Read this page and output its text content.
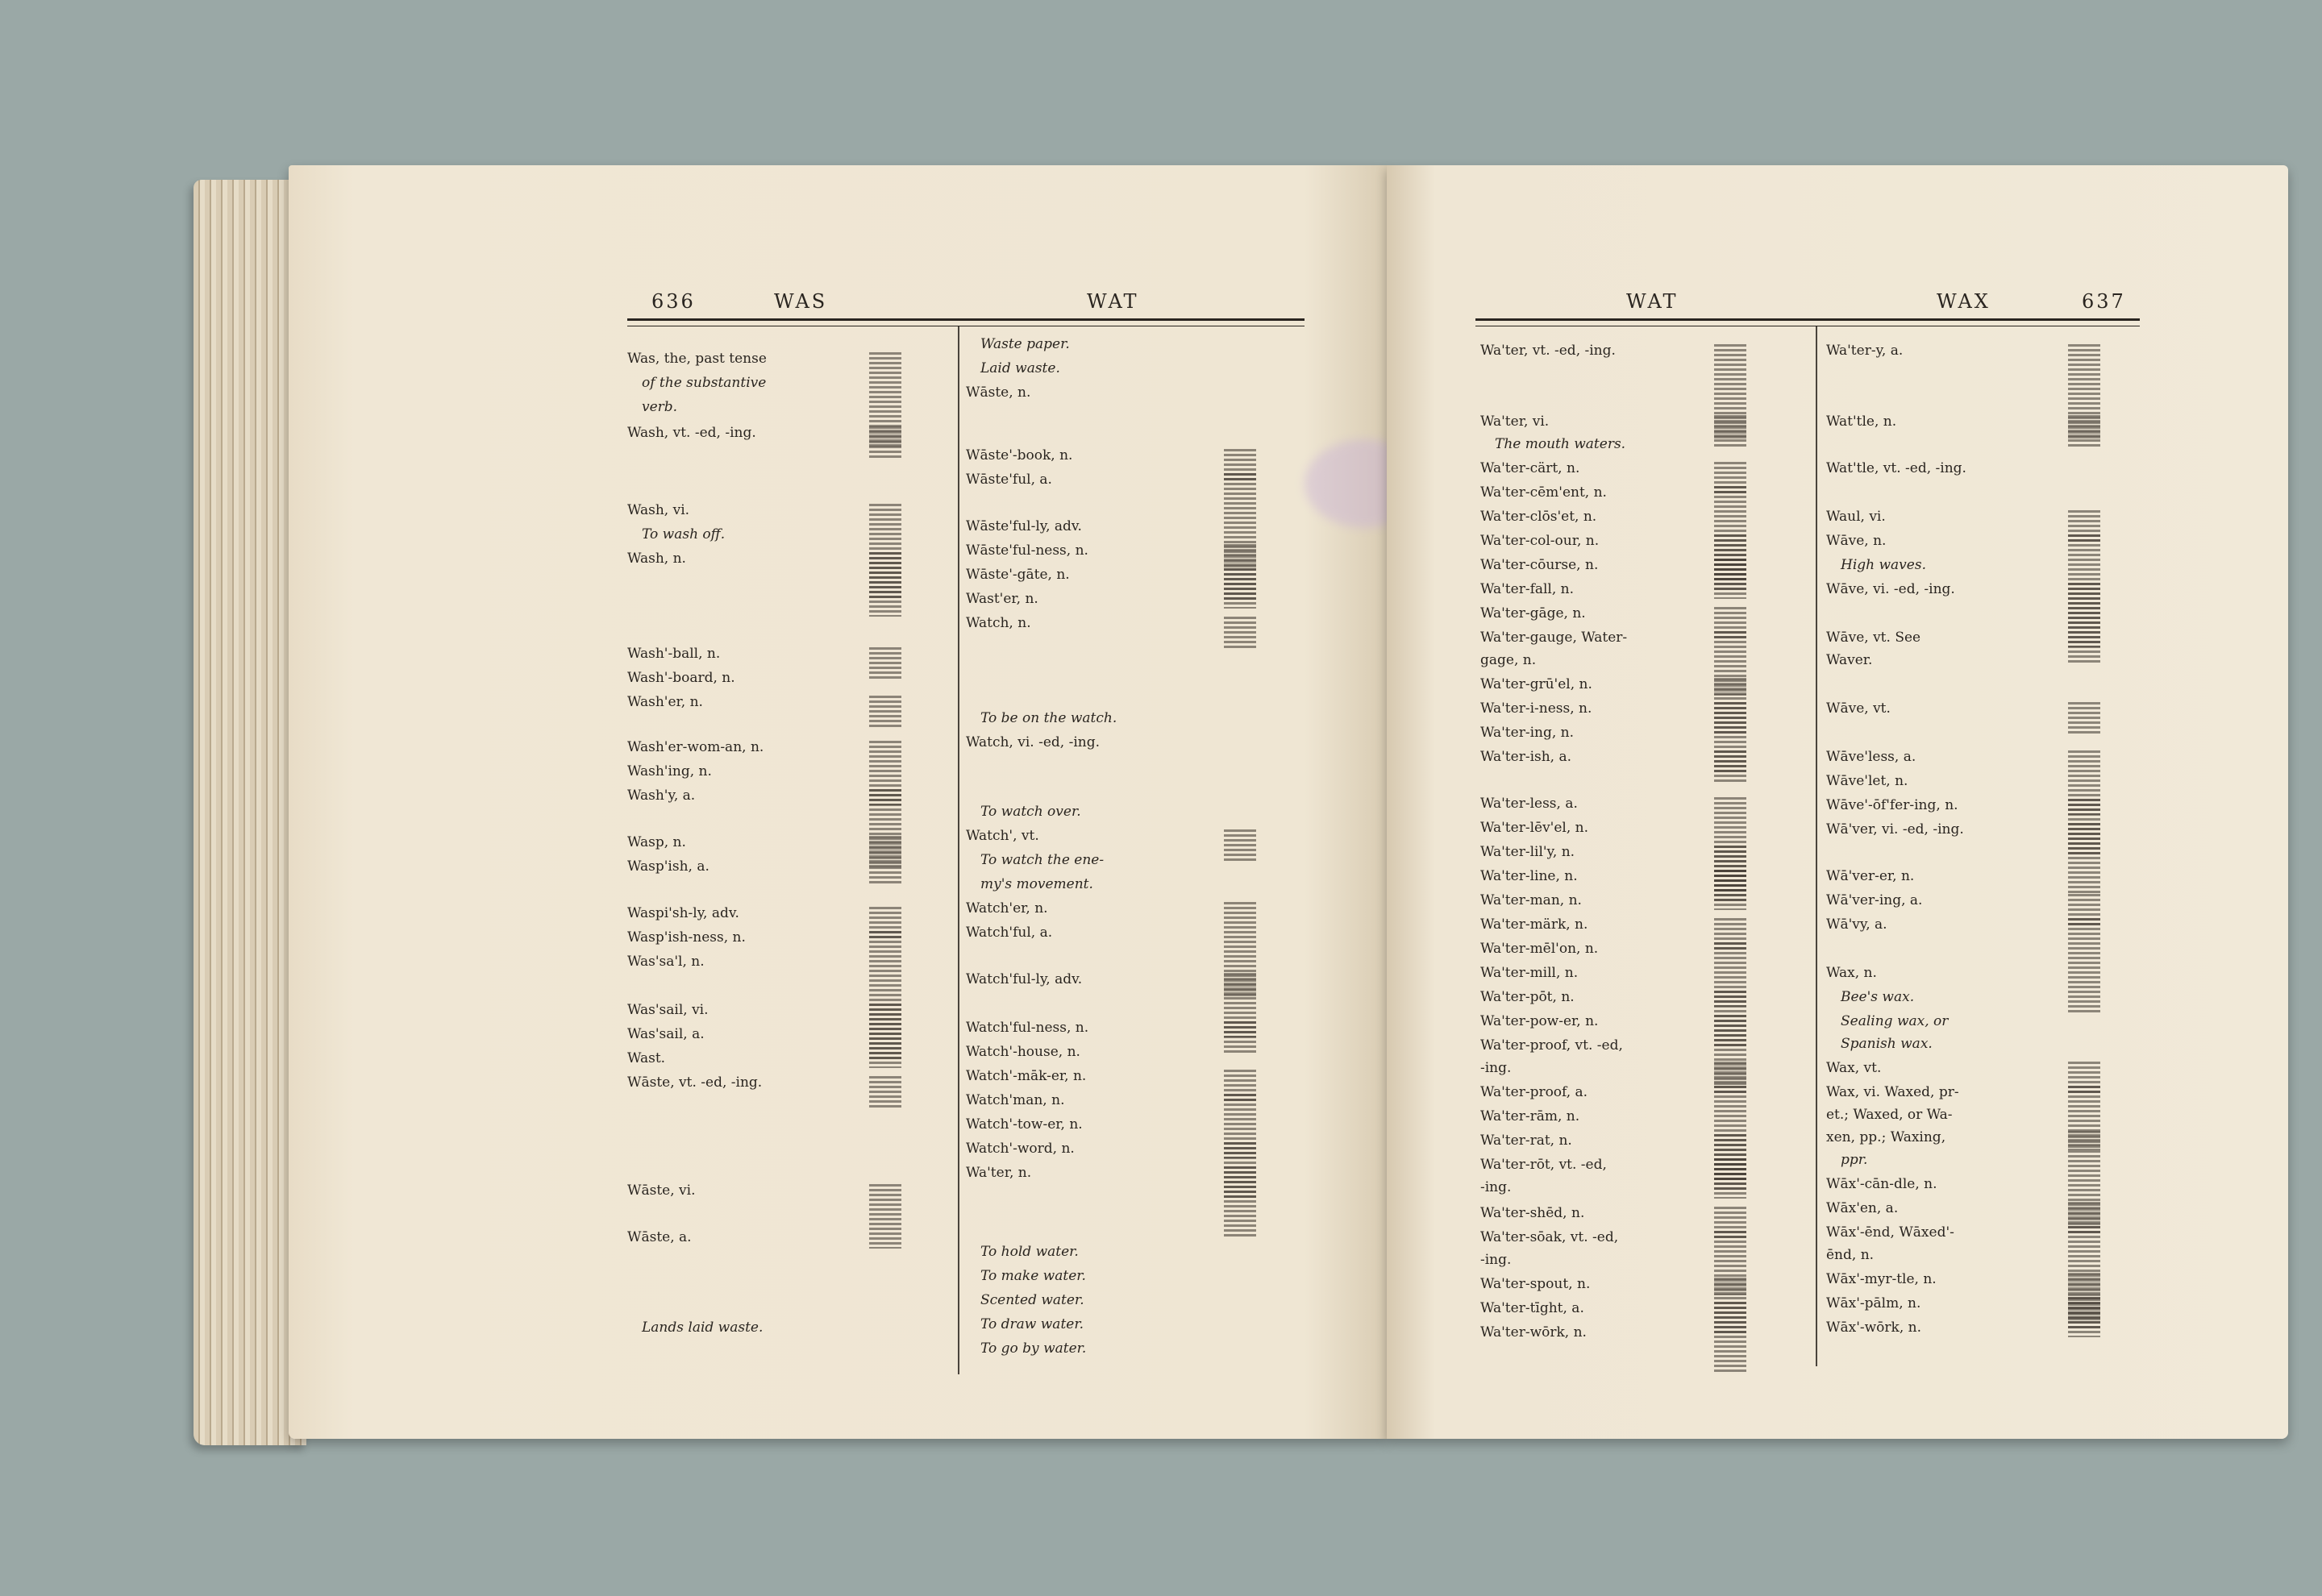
636	WAS	WAT
Was, the, past tense
of the substantive
verb.
Wash, vt. -ed, -ing.
Wash, vi.
To wash off.
Wash, n.
Wash'-ball, n.
Wash'-board, n.
Wash'er, n.
Wash'er-wom-an, n.
Wash'ing, n.
Wash'y, a.
Wasp, n.
Wasp'ish, a.
Waspi'sh-ly, adv.
Wasp'ish-ness, n.
Was'sa'l, n.
Was'sail, vi.
Was'sail, a.
Wast.
Wāste, vt. -ed, -ing.
Wāste, vi.
Wāste, a.
Lands laid waste.
Waste paper.
Laid waste.
Wāste, n.
Wāste'-book, n.
Wāste'ful, a.
Wāste'ful-ly, adv.
Wāste'ful-ness, n.
Wāste'-gāte, n.
Wast'er, n.
Watch, n.
To be on the watch.
Watch, vi. -ed, -ing.
To watch over.
Watch', vt.
To watch the ene-
my's movement.
Watch'er, n.
Watch'ful, a.
Watch'ful-ly, adv.
Watch'ful-ness, n.
Watch'-house, n.
Watch'-māk-er, n.
Watch'man, n.
Watch'-tow-er, n.
Watch'-word, n.
Wa'ter, n.
To hold water.
To make water.
Scented water.
To draw water.
To go by water.
WAT	WAX	637
Wa'ter, vt. -ed, -ing.
Wa'ter, vi.
The mouth waters.
Wa'ter-cärt, n.
Wa'ter-cēm'ent, n.
Wa'ter-clōs'et, n.
Wa'ter-col-our, n.
Wa'ter-cōurse, n.
Wa'ter-fall, n.
Wa'ter-gāge, n.
Wa'ter-gauge, Water-
gage, n.
Wa'ter-grū'el, n.
Wa'ter-i-ness, n.
Wa'ter-ing, n.
Wa'ter-ish, a.
Wa'ter-less, a.
Wa'ter-lēv'el, n.
Wa'ter-lil'y, n.
Wa'ter-line, n.
Wa'ter-man, n.
Wa'ter-märk, n.
Wa'ter-mēl'on, n.
Wa'ter-mill, n.
Wa'ter-pōt, n.
Wa'ter-pow-er, n.
Wa'ter-proof, vt. -ed,
-ing.
Wa'ter-proof, a.
Wa'ter-rām, n.
Wa'ter-rat, n.
Wa'ter-rōt, vt. -ed,
-ing.
Wa'ter-shēd, n.
Wa'ter-sōak, vt. -ed,
-ing.
Wa'ter-spout, n.
Wa'ter-tīght, a.
Wa'ter-wōrk, n.
Wa'ter-y, a.
Wat'tle, n.
Wat'tle, vt. -ed, -ing.
Waul, vi.
Wāve, n.
High waves.
Wāve, vi. -ed, -ing.
Wāve, vt. See
Waver.
Wāve, vt.
Wāve'less, a.
Wāve'let, n.
Wāve'-ōf'fer-ing, n.
Wā'ver, vi. -ed, -ing.
Wā'ver-er, n.
Wā'ver-ing, a.
Wā'vy, a.
Wax, n.
Bee's wax.
Sealing wax, or
Spanish wax.
Wax, vt.
Wax, vi. Waxed, pr-
et.; Waxed, or Wa-
xen, pp.; Waxing,
ppr.
Wāx'-cān-dle, n.
Wāx'en, a.
Wāx'-ēnd, Wāxed'-
ēnd, n.
Wāx'-myr-tle, n.
Wāx'-pālm, n.
Wāx'-wōrk, n.
